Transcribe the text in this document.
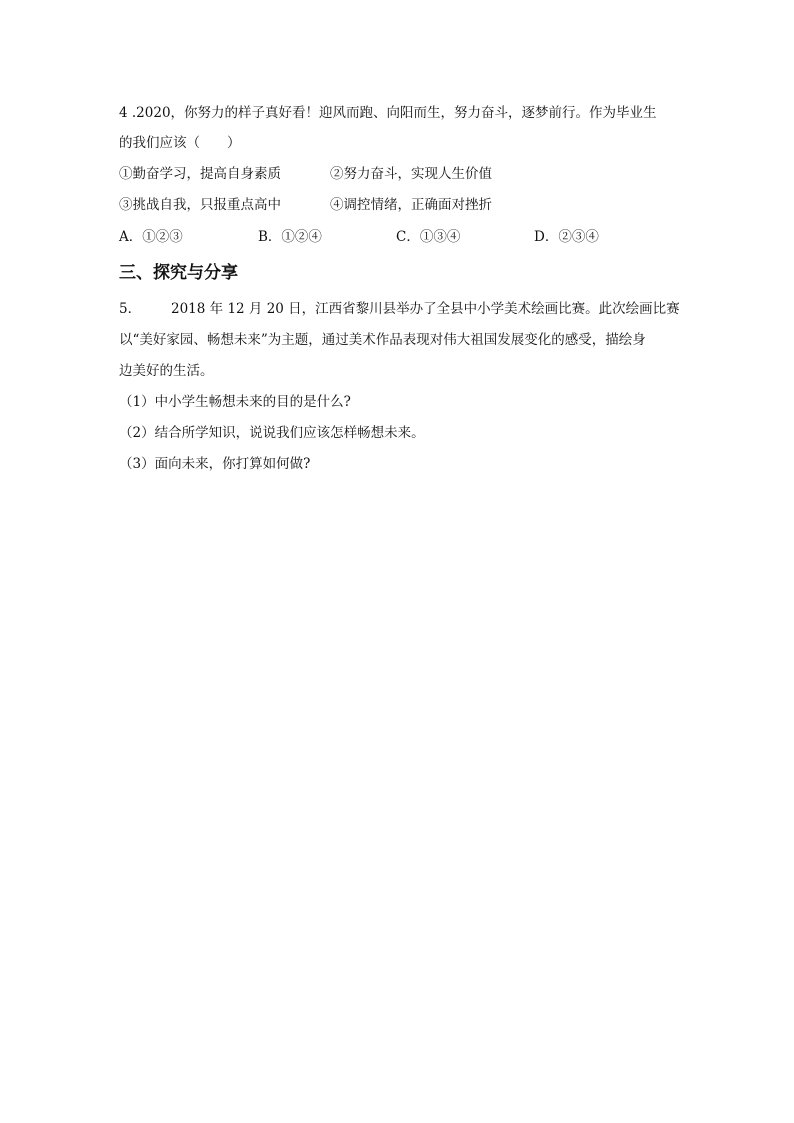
4 .2020，你努力的样子真好看！迎风而跑、向阳而生，努力奋斗，逐梦前行。作为毕业生
的我们应该（　　）
①勤奋学习，提高自身素质	②努力奋斗，实现人生价值
③挑战自我，只报重点高中	④调控情绪，正确面对挫折
A．①②③	B．①②④	C．①③④	D．②③④
三、探究与分享
5． 2018 年 12 月 20 日，江西省黎川县举办了全县中小学美术绘画比赛。此次绘画比赛
以“美好家园、畅想未来”为主题，通过美术作品表现对伟大祖国发展变化的感受，描绘身
边美好的生活。
（1）中小学生畅想未来的目的是什么?
（2）结合所学知识，说说我们应该怎样畅想未来。
（3）面向未来，你打算如何做?
